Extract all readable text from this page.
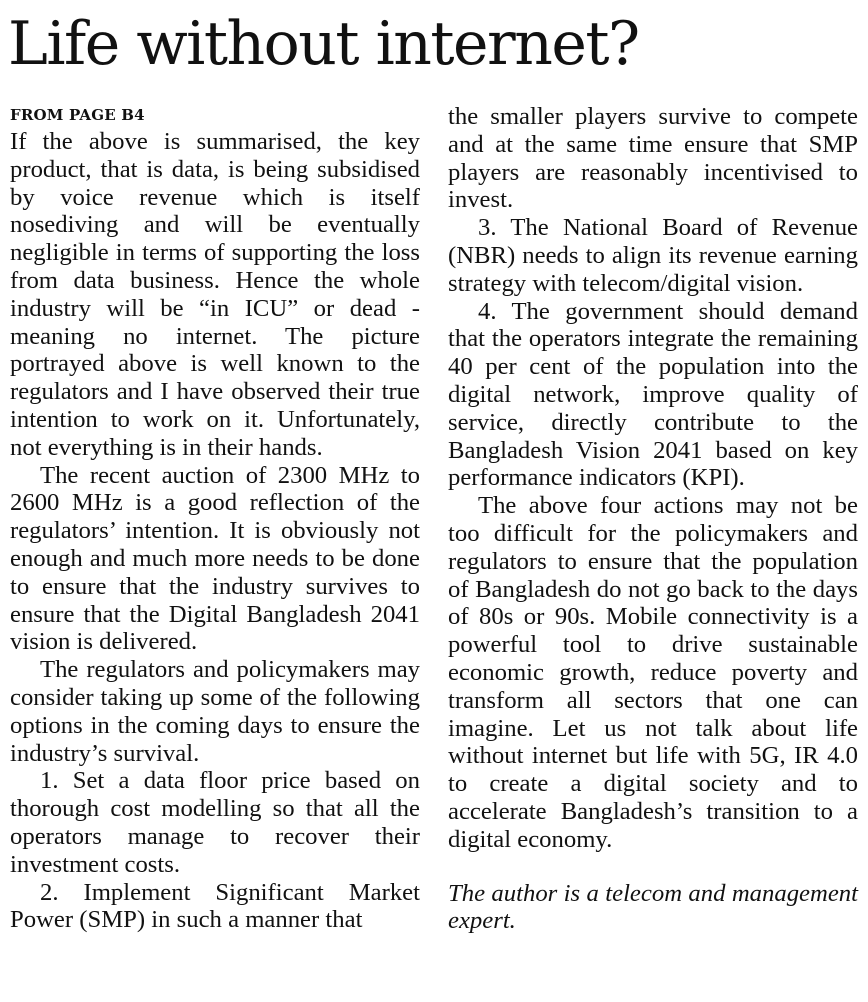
Life without internet?
FROM PAGE B4

If the above is summarised, the key product, that is data, is being subsidised by voice revenue which is itself nosediving and will be eventually negligible in terms of supporting the loss from data business. Hence the whole industry will be “in ICU” or dead - meaning no internet. The picture portrayed above is well known to the regulators and I have observed their true intention to work on it. Unfortunately, not everything is in their hands.

The recent auction of 2300 MHz to 2600 MHz is a good reflection of the regulators’ intention. It is obviously not enough and much more needs to be done to ensure that the industry survives to ensure that the Digital Bangladesh 2041 vision is delivered.

The regulators and policymakers may consider taking up some of the following options in the coming days to ensure the industry’s survival.

1. Set a data floor price based on thorough cost modelling so that all the operators manage to recover their investment costs.

2. Implement Significant Market Power (SMP) in such a manner that

the smaller players survive to compete and at the same time ensure that SMP players are reasonably incentivised to invest.

3. The National Board of Revenue (NBR) needs to align its revenue earning strategy with telecom/digital vision.

4. The government should demand that the operators integrate the remaining 40 per cent of the population into the digital network, improve quality of service, directly contribute to the Bangladesh Vision 2041 based on key performance indicators (KPI).

The above four actions may not be too difficult for the policymakers and regulators to ensure that the population of Bangladesh do not go back to the days of 80s or 90s. Mobile connectivity is a powerful tool to drive sustainable economic growth, reduce poverty and transform all sectors that one can imagine. Let us not talk about life without internet but life with 5G, IR 4.0 to create a digital society and to accelerate Bangladesh’s transition to a digital economy.

The author is a telecom and management expert.
